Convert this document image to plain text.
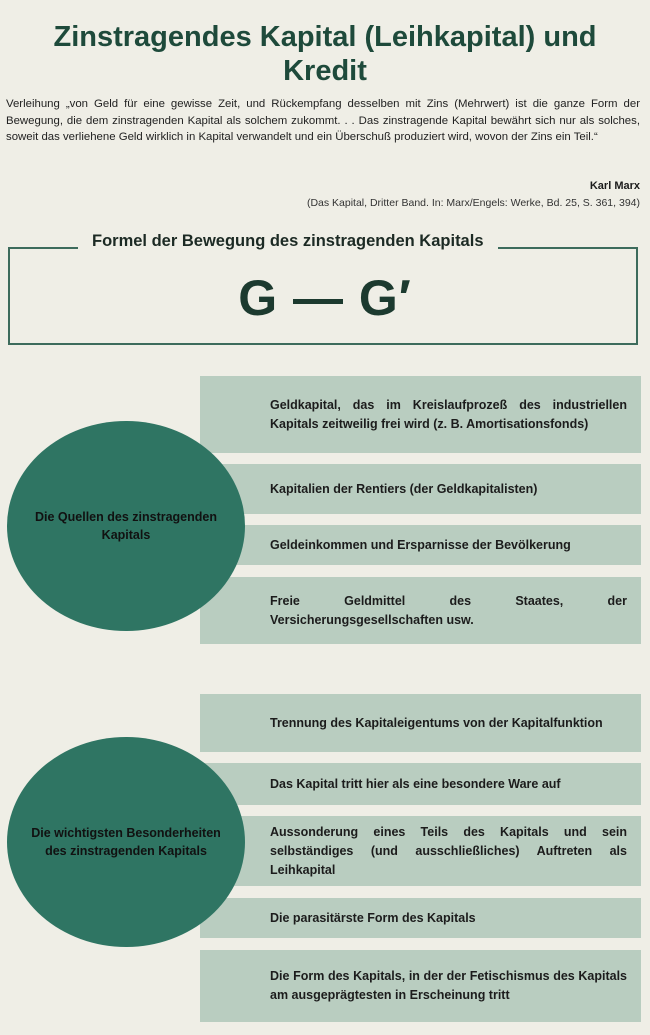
Zinstragendes Kapital (Leihkapital) und
Kredit
Verleihung „von Geld für eine gewisse Zeit, und Rückempfang desselben mit Zins (Mehrwert) ist die ganze Form der Bewegung, die dem zinstragenden Kapital als solchem zukommt. . . Das zinstragende Kapital bewährt sich nur als solches, soweit das verliehene Geld wirklich in Kapital verwandelt und ein Überschuß produziert wird, wovon der Zins ein Teil.“
Karl Marx
(Das Kapital, Dritter Band. In: Marx/Engels: Werke, Bd. 25, S. 361, 394)
Formel der Bewegung des zinstragenden Kapitals
G — G′
Geldkapital, das im Kreislaufprozeß des industriellen Kapitals zeitweilig frei wird (z. B. Amortisationsfonds)
Kapitalien der Rentiers (der Geldkapitalisten)
Geldeinkommen und Ersparnisse der Bevölkerung
Freie Geldmittel des Staates, der Versicherungsgesellschaften usw.
Die Quellen des zinstragenden Kapitals
Trennung des Kapitaleigentums von der Kapitalfunktion
Das Kapital tritt hier als eine besondere Ware auf
Aussonderung eines Teils des Kapitals und sein selbständiges (und ausschließliches) Auftreten als Leihkapital
Die parasitärste Form des Kapitals
Die Form des Kapitals, in der der Fetischismus des Kapitals am ausgeprägtesten in Erscheinung tritt
Die wichtigsten Besonderheiten des zinstragenden Kapitals
